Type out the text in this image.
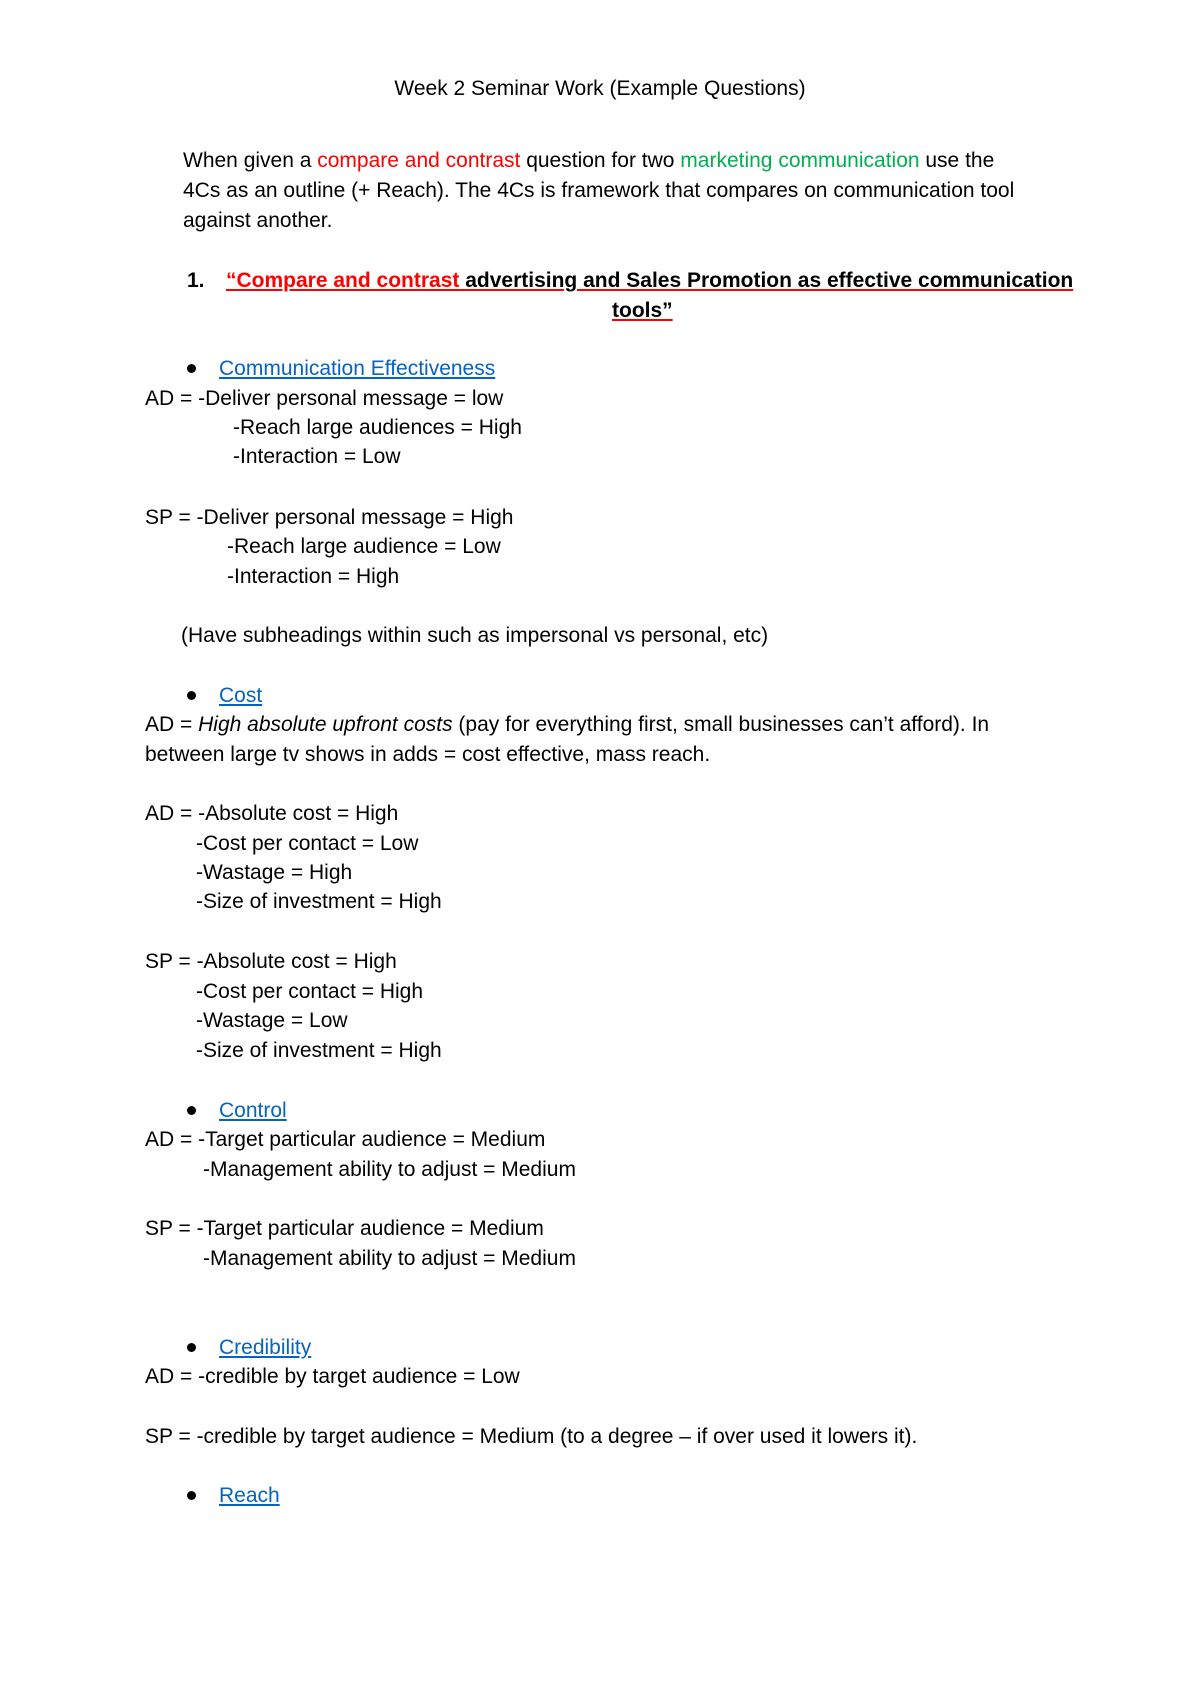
Week 2 Seminar Work (Example Questions)
When given a compare and contrast question for two marketing communication use the
4Cs as an outline (+ Reach). The 4Cs is framework that compares on communication tool
against another.
1. “Compare and contrast advertising and Sales Promotion as effective communication
tools”
Communication Effectiveness
AD = -Deliver personal message = low
-Reach large audiences = High
-Interaction = Low
SP = -Deliver personal message = High
-Reach large audience = Low
-Interaction = High
(Have subheadings within such as impersonal vs personal, etc)
Cost
AD = High absolute upfront costs (pay for everything first, small businesses can’t afford). In
between large tv shows in adds = cost effective, mass reach.
AD = -Absolute cost = High
-Cost per contact = Low
-Wastage = High
-Size of investment = High
SP = -Absolute cost = High
-Cost per contact = High
-Wastage = Low
-Size of investment = High
Control
AD = -Target particular audience = Medium
-Management ability to adjust = Medium
SP = -Target particular audience = Medium
-Management ability to adjust = Medium
Credibility
AD = -credible by target audience = Low
SP = -credible by target audience = Medium (to a degree – if over used it lowers it).
Reach
